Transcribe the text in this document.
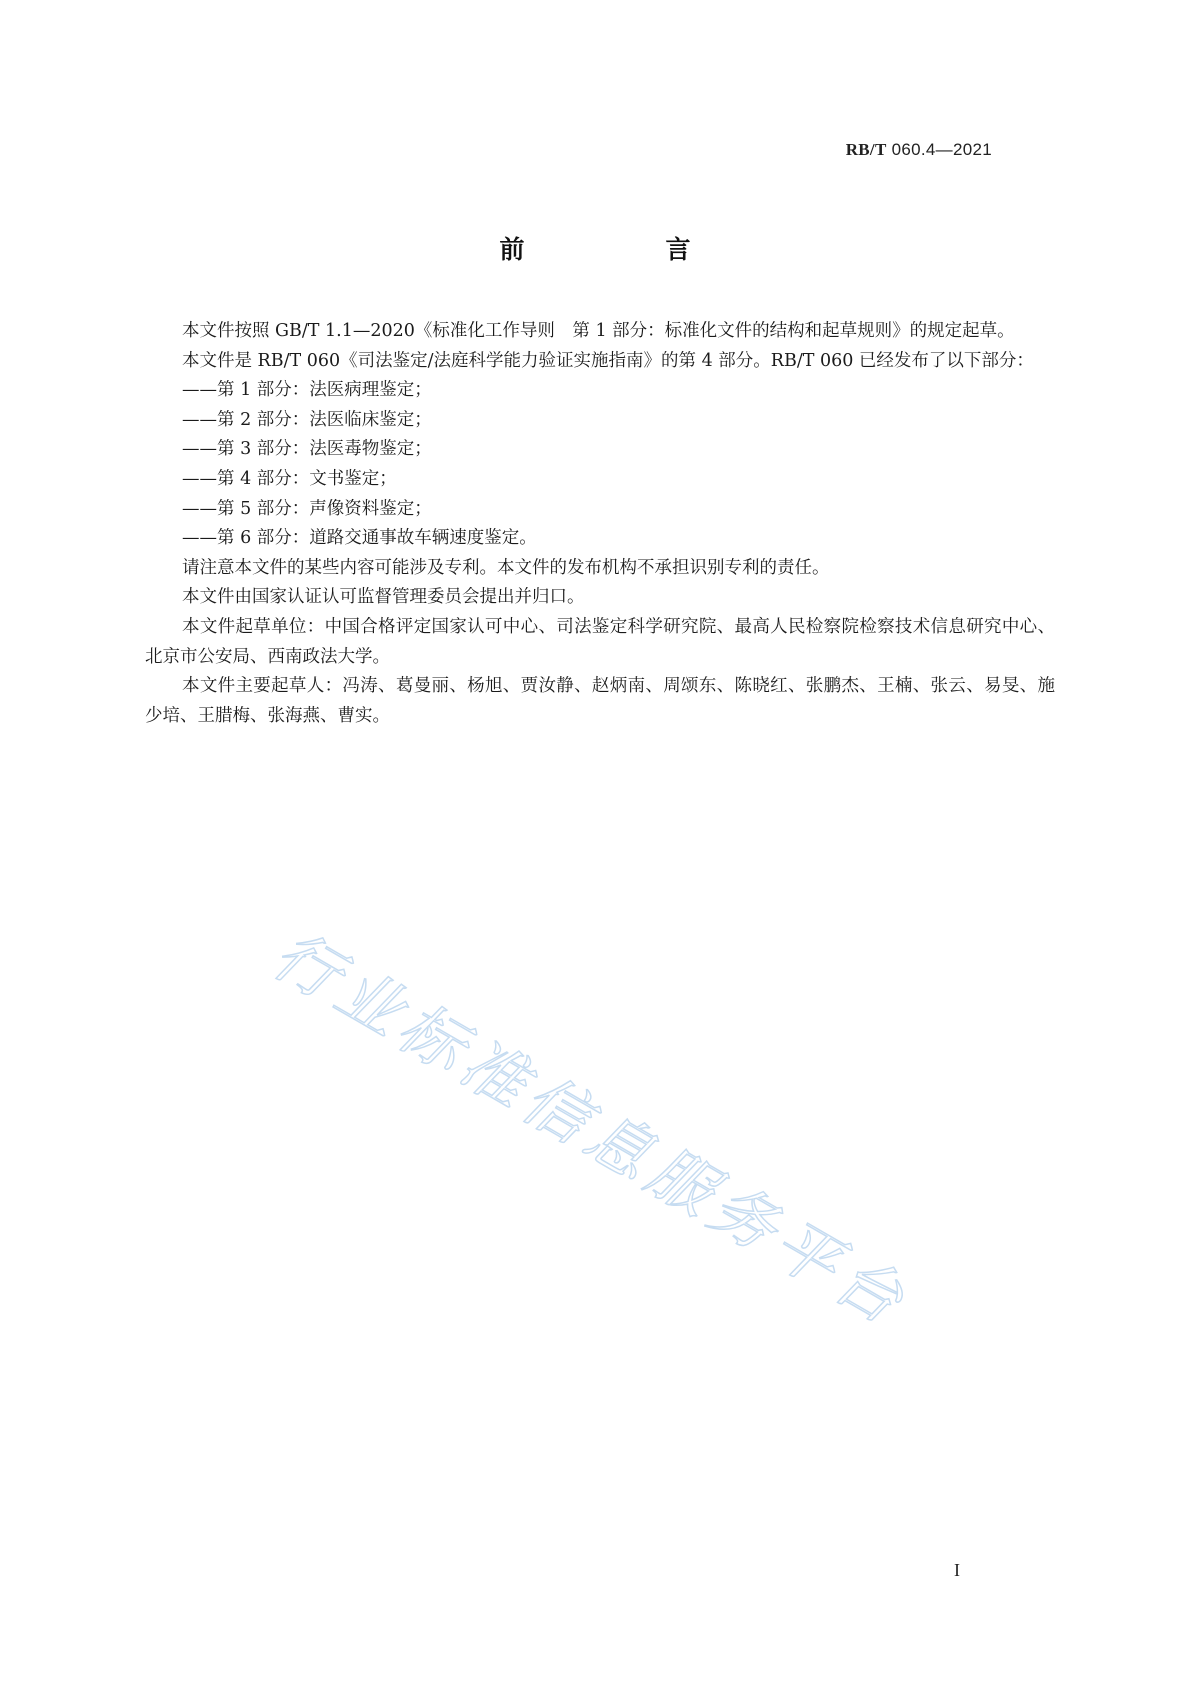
RB/T 060.4—2021
前　言

本文件按照 GB/T 1.1—2020《标准化工作导则　第 1 部分：标准化文件的结构和起草规则》的规定起草。

本文件是 RB/T 060《司法鉴定/法庭科学能力验证实施指南》的第 4 部分。RB/T 060 已经发布了以下部分：

——第 1 部分：法医病理鉴定；

——第 2 部分：法医临床鉴定；

——第 3 部分：法医毒物鉴定；

——第 4 部分：文书鉴定；

——第 5 部分：声像资料鉴定；

——第 6 部分：道路交通事故车辆速度鉴定。

请注意本文件的某些内容可能涉及专利。本文件的发布机构不承担识别专利的责任。

本文件由国家认证认可监督管理委员会提出并归口。

本文件起草单位：中国合格评定国家认可中心、司法鉴定科学研究院、最高人民检察院检察技术信息研究中心、北京市公安局、西南政法大学。

本文件主要起草人：冯涛、葛曼丽、杨旭、贾汝静、赵炳南、周颂东、陈晓红、张鹏杰、王楠、张云、易旻、施少培、王腊梅、张海燕、曹实。

行业标准信息服务平台
I
